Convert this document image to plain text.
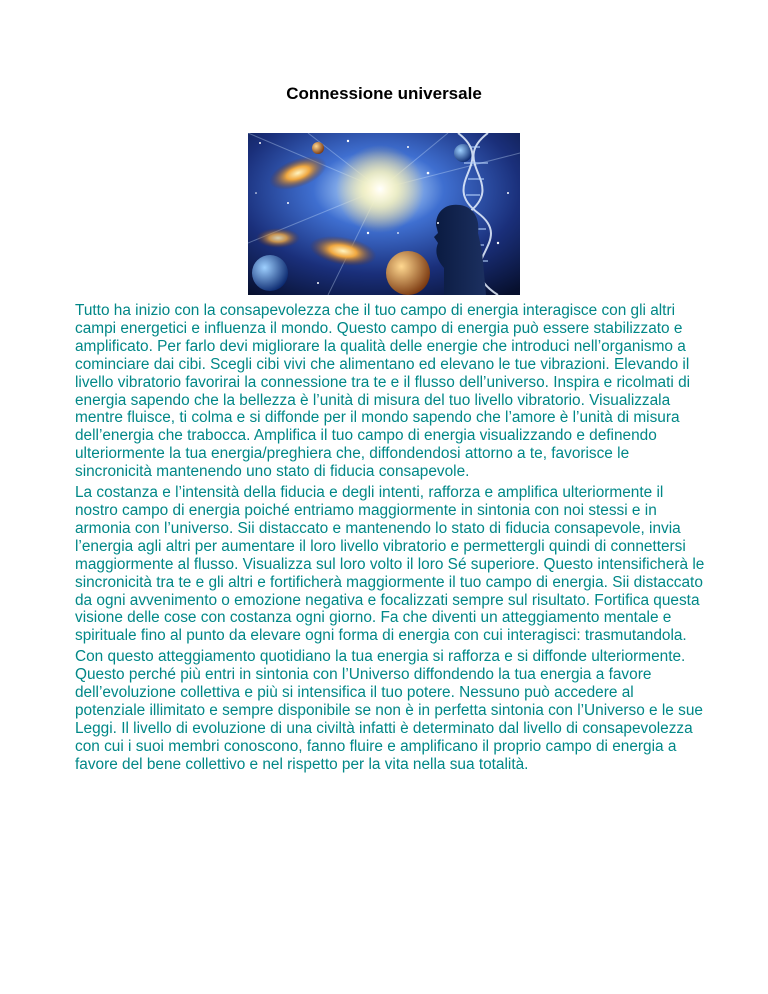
Connessione universale

Tutto ha inizio con la consapevolezza che il tuo campo di energia interagisce con gli altri campi energetici e influenza il mondo. Questo campo di energia può essere stabilizzato e amplificato. Per farlo devi migliorare la qualità delle energie che introduci nell’organismo a cominciare dai cibi. Scegli cibi vivi che alimentano ed elevano le tue vibrazioni. Elevando il livello vibratorio favorirai la connessione tra te e il flusso dell’universo. Inspira e ricolmati di energia sapendo che la bellezza è l’unità di misura del tuo livello vibratorio. Visualizzala mentre fluisce, ti colma e si diffonde per il mondo sapendo che l’amore è l’unità di misura dell’energia che trabocca. Amplifica il tuo campo di energia visualizzando e definendo ulteriormente la tua energia/preghiera che, diffondendosi attorno a te, favorisce le sincronicità mantenendo uno stato di fiducia consapevole.

La costanza e l’intensità della fiducia e degli intenti, rafforza e amplifica ulteriormente il nostro campo di energia poiché entriamo maggiormente in sintonia con noi stessi e in armonia con l’universo. Sii distaccato e mantenendo lo stato di fiducia consapevole, invia l’energia agli altri per aumentare il loro livello vibratorio e permettergli quindi di connettersi maggiormente al flusso. Visualizza sul loro volto il loro Sé superiore. Questo intensificherà le sincronicità tra te e gli altri e fortificherà maggiormente il tuo campo di energia. Sii distaccato da ogni avvenimento o emozione negativa e focalizzati sempre sul risultato. Fortifica questa visione delle cose con costanza ogni giorno. Fa che diventi un atteggiamento mentale e spirituale fino al punto da elevare ogni forma di energia con cui interagisci: trasmutandola.

Con questo atteggiamento quotidiano la tua energia si rafforza e si diffonde ulteriormente. Questo perché più entri in sintonia con l’Universo diffondendo la tua energia a favore dell’evoluzione collettiva e più si intensifica il tuo potere. Nessuno può accedere al potenziale illimitato e sempre disponibile se non è in perfetta sintonia con l’Universo e le sue Leggi. Il livello di evoluzione di una civiltà infatti è determinato dal livello di consapevolezza con cui i suoi membri conoscono, fanno fluire e amplificano il proprio campo di energia a favore del bene collettivo e nel rispetto per la vita nella sua totalità.
